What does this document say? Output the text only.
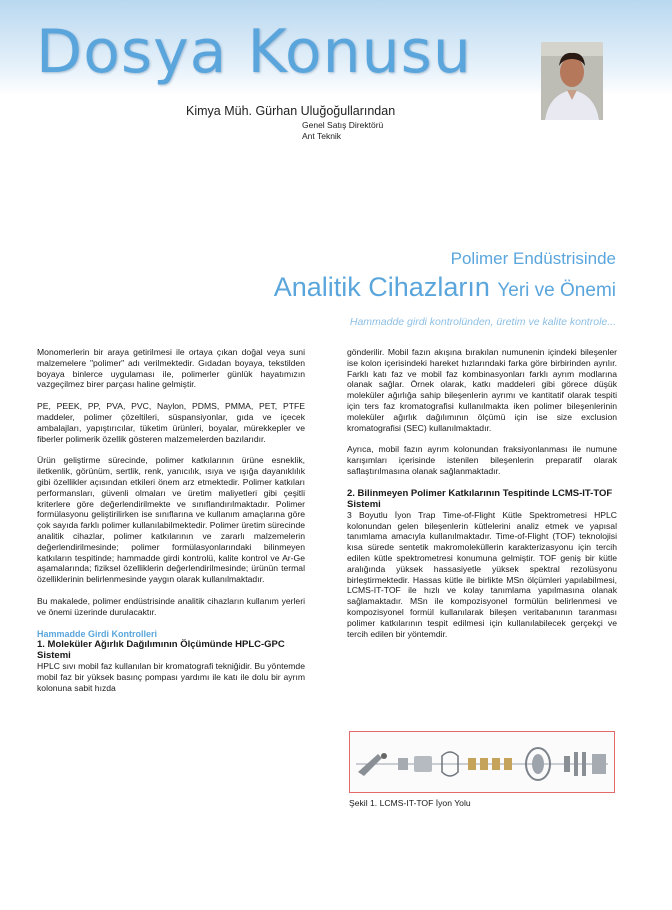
Dosya Konusu
Kimya Müh. Gürhan Uluğoğullarından
Genel Satış Direktörü
Ant Teknik
Polimer Endüstrisinde
Analitik Cihazların Yeri ve Önemi
Hammadde girdi kontrolünden, üretim ve kalite kontrole...

Monomerlerin bir araya getirilmesi ile ortaya çıkan doğal veya suni malzemelere "polimer" adı verilmektedir. Gıdadan boyaya, tekstilden boyaya binlerce uygulaması ile, polimerler günlük hayatımızın vazgeçilmez birer parçası haline gelmiştir.

PE, PEEK, PP, PVA, PVC, Naylon, PDMS, PMMA, PET, PTFE maddeler, polimer çözeltileri, süspansiyonlar, gıda ve içecek ambalajları, yapıştırıcılar, tüketim ürünleri, boyalar, mürekkepler ve fiberler polimerik özellik gösteren malzemelerden bazılarıdır.

Ürün geliştirme sürecinde, polimer katkılarının ürüne esneklik, iletkenlik, görünüm, sertlik, renk, yanıcılık, ısıya ve ışığa dayanıklılık gibi özellikler açısından etkileri önem arz etmektedir. Polimer katkıları performansları, güvenli olmaları ve üretim maliyetleri gibi çeşitli kriterlere göre değerlendirilmekte ve sınıflandırılmaktadır. Polimer formülasyonu geliştirilirken ise sınıflarına ve kullanım amaçlarına göre çok sayıda farklı polimer kullanılabilmektedir. Polimer üretim sürecinde analitik cihazlar, polimer katkılarının ve zararlı malzemelerin değerlendirilmesinde; polimer formülasyonlarındaki bilinmeyen katkıların tespitinde; hammadde girdi kontrolü, kalite kontrol ve Ar-Ge aşamalarında; fiziksel özelliklerin değerlendirilmesinde; ürünün termal özelliklerinin belirlenmesinde yaygın olarak kullanılmaktadır.

Bu makalede, polimer endüstrisinde analitik cihazların kullanım yerleri ve önemi üzerinde durulacaktır.

Hammadde Girdi Kontrolleri
1. Moleküler Ağırlık Dağılımının Ölçümünde HPLC-GPC Sistemi

HPLC sıvı mobil faz kullanılan bir kromatografi tekniğidir. Bu yöntemde mobil faz bir yüksek basınç pompası yardımı ile katı ile dolu bir ayrım kolonuna sabit hızda

gönderilir. Mobil fazın akışına bırakılan numunenin içindeki bileşenler ise kolon içerisindeki hareket hızlarındaki farka göre birbirinden ayrılır. Farklı katı faz ve mobil faz kombinasyonları farklı ayrım modlarına olanak sağlar. Örnek olarak, katkı maddeleri gibi görece düşük moleküler ağırlığa sahip bileşenlerin ayrımı ve kantitatif olarak tespiti için ters faz kromatografisi kullanılmakta iken polimer bileşenlerinin moleküler ağırlık dağılımının ölçümü için ise size exclusion kromatografisi (SEC) kullanılmaktadır.

Ayrıca, mobil fazın ayrım kolonundan fraksiyonlanması ile numune karışımları içerisinde istenilen bileşenlerin preparatif olarak saflaştırılmasına olanak sağlanmaktadır.

2. Bilinmeyen Polimer Katkılarının Tespitinde LCMS-IT-TOF Sistemi

3 Boyutlu İyon Trap Time-of-Flight Kütle Spektrometresi HPLC kolonundan gelen bileşenlerin kütlelerini analiz etmek ve yapısal tanımlama amacıyla kullanılmaktadır. Time-of-Flight (TOF) teknolojisi kısa sürede sentetik makromoleküllerin karakterizasyonu için tercih edilen kütle spektrometresi konumuna gelmiştir. TOF geniş bir kütle aralığında yüksek hassasiyetle yüksek spektral rezolüsyonu birleştirmektedir. Hassas kütle ile birlikte MSn ölçümleri yapılabilmesi, LCMS-IT-TOF ile hızlı ve kolay tanımlama yapılmasına olanak sağlamaktadır. MSn ile kompozisyonel formülün belirlenmesi ve kompozisyonel formül kullanılarak bileşen veritabanının taranması polimer katkılarının tespit edilmesi için kullanılabilecek gerçekçi ve tercih edilen bir yöntemdir.

Şekil 1. LCMS-IT-TOF İyon Yolu
